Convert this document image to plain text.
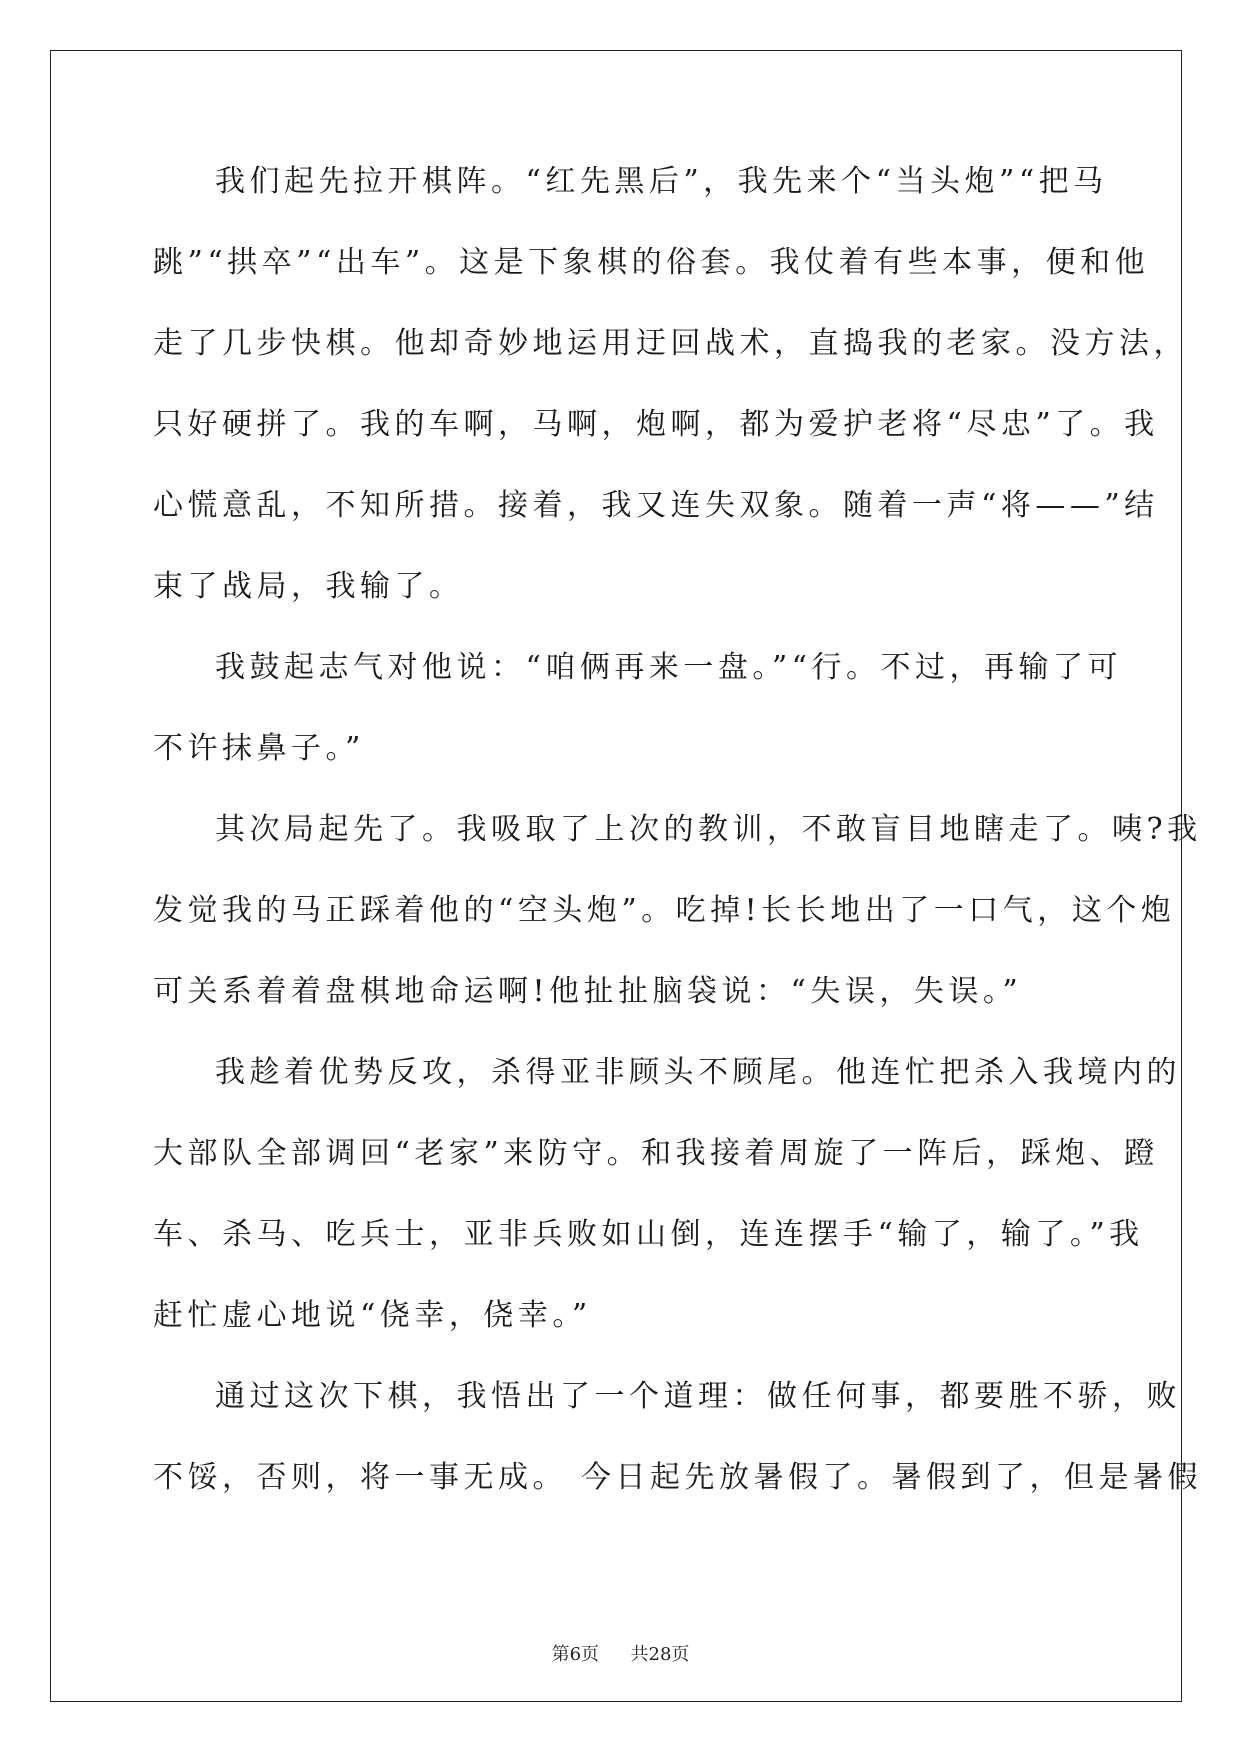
我们起先拉开棋阵。“红先黑后”，我先来个“当头炮”“把马

跳”“拱卒”“出车”。这是下象棋的俗套。我仗着有些本事，便和他

走了几步快棋。他却奇妙地运用迂回战术，直捣我的老家。没方法，

只好硬拼了。我的车啊，马啊，炮啊，都为爱护老将“尽忠”了。我

心慌意乱，不知所措。接着，我又连失双象。随着一声“将——”结

束了战局，我输了。

我鼓起志气对他说：“咱俩再来一盘。”“行。不过，再输了可

不许抹鼻子。”

其次局起先了。我吸取了上次的教训，不敢盲目地瞎走了。咦?我

发觉我的马正踩着他的“空头炮”。吃掉!长长地出了一口气，这个炮

可关系着着盘棋地命运啊!他扯扯脑袋说：“失误，失误。”

我趁着优势反攻，杀得亚非顾头不顾尾。他连忙把杀入我境内的

大部队全部调回“老家”来防守。和我接着周旋了一阵后，踩炮、蹬

车、杀马、吃兵士，亚非兵败如山倒，连连摆手“输了，输了。”我

赶忙虚心地说“侥幸，侥幸。”

通过这次下棋，我悟出了一个道理：做任何事，都要胜不骄，败

不馁，否则，将一事无成。 今日起先放暑假了。暑假到了，但是暑假

第6页 共28页
